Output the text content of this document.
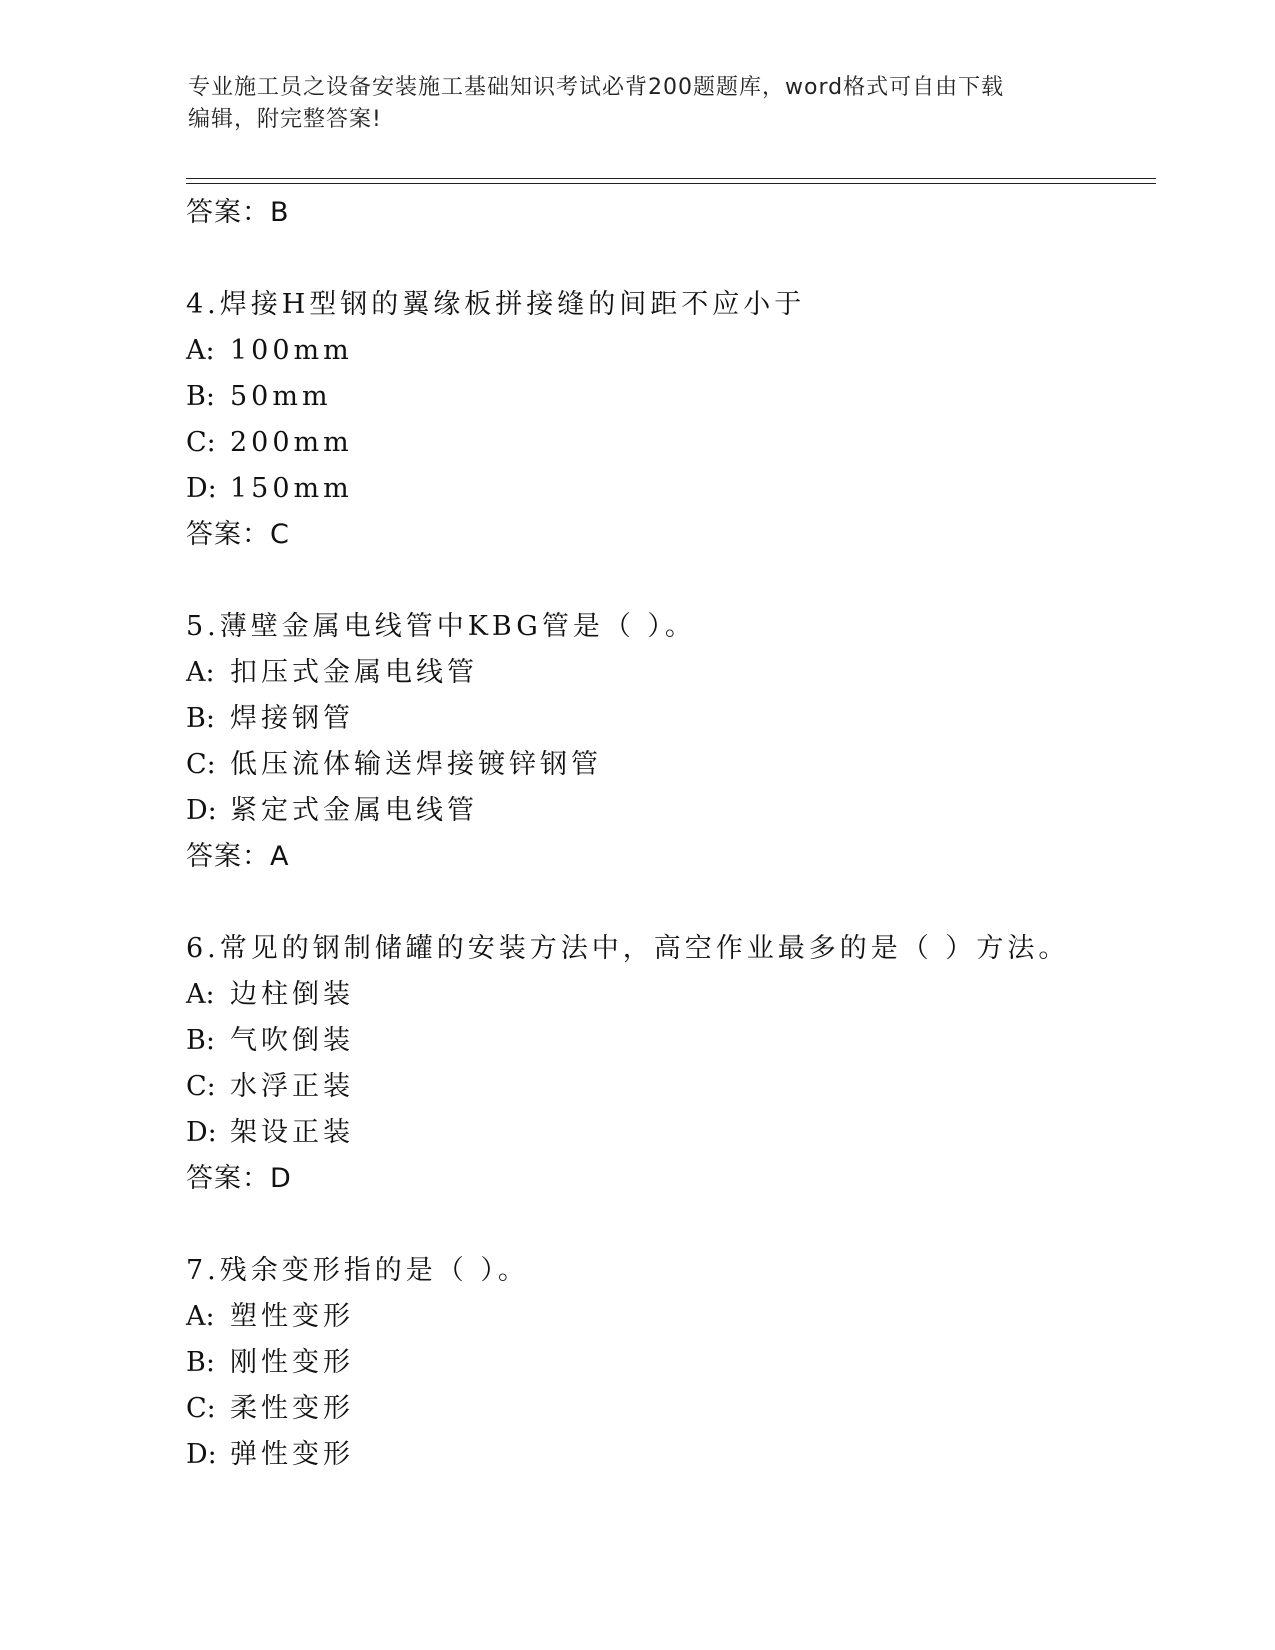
专业施工员之设备安装施工基础知识考试必背200题题库，word格式可自由下载
编辑，附完整答案!
答案：B
4.焊接H型钢的翼缘板拼接缝的间距不应小于
A: 100mm
B: 50mm
C: 200mm
D: 150mm
答案：C
5.薄壁金属电线管中KBG管是（ ）。
A: 扣压式金属电线管
B: 焊接钢管
C: 低压流体输送焊接镀锌钢管
D: 紧定式金属电线管
答案：A
6.常见的钢制储罐的安装方法中，高空作业最多的是（ ）方法。
A: 边柱倒装
B: 气吹倒装
C: 水浮正装
D: 架设正装
答案：D
7.残余变形指的是（ ）。
A: 塑性变形
B: 刚性变形
C: 柔性变形
D: 弹性变形
